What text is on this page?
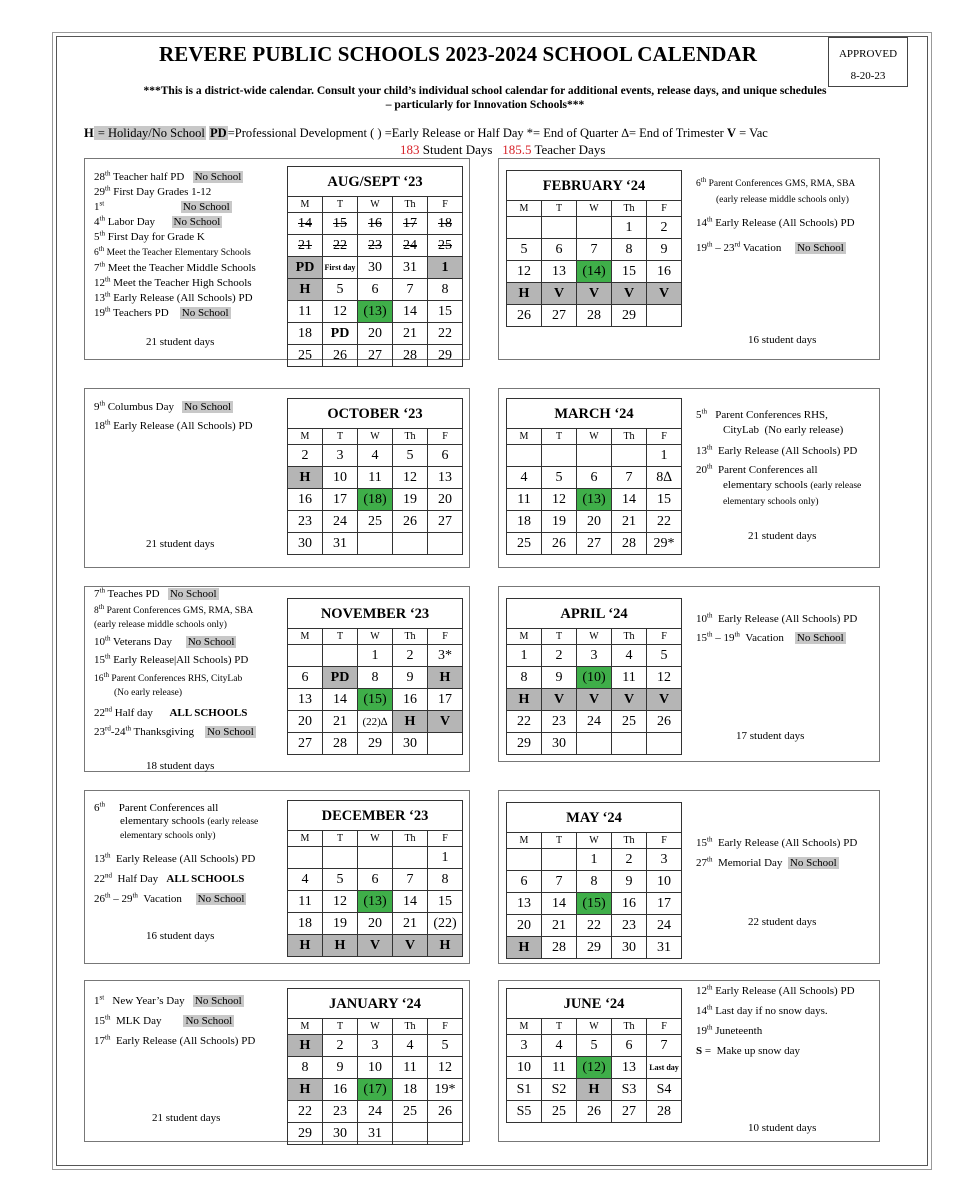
REVERE PUBLIC SCHOOLS 2023-2024 SCHOOL CALENDAR	APPROVED
8-20-23
***This is a district-wide calendar. Consult your child’s individual school calendar for additional events, release days, and unique schedules – particularly for Innovation Schools***
H = Holiday/No School PD=Professional Development ( ) =Early Release or Half Day *= End of Quarter ∆= End of Trimester V = Vac
183 Student Days 185.5 Teacher Days
28th Teacher half PD   No School
29th First Day Grades 1-12
1st	No School
4th Labor Day      No School
5th First Day for Grade K
6th Meet the Teacher Elementary Schools
7th Meet the Teacher Middle Schools
12th Meet the Teacher High Schools
13th Early Release (All Schools) PD
19th Teachers PD    No School
21 student days
AUG/SEPT ‘23				
M	T	W	Th	F
14	15	16	17	18
21	22	23	24	25
PD	First day	30	31	1
H	5	6	7	8
11	12	(13)	14	15
18	PD	20	21	22
25	26	27	28	29
FEBRUARY ‘24				
M	T	W	Th	F
			1	2
5	6	7	8	9
12	13	(14)	15	16
H	V	V	V	V
26	27	28	29	
6th Parent Conferences GMS, RMA, SBA
(early release middle schools only)
14th Early Release (All Schools) PD
19th – 23rd Vacation     No School
16 student days
9th Columbus Day   No School
18th Early Release (All Schools) PD
21 student days
OCTOBER ‘23				
M	T	W	Th	F
2	3	4	5	6
H	10	11	12	13
16	17	(18)	19	20
23	24	25	26	27
30	31			
MARCH ‘24				
M	T	W	Th	F
				1
4	5	6	7	8∆
11	12	(13)	14	15
18	19	20	21	22
25	26	27	28	29*
5th   Parent Conferences RHS,
CityLab  (No early release)
13th  Early Release (All Schools) PD
20th  Parent Conferences all
elementary schools (early release
elementary schools only)
21 student days
7th Teaches PD   No School
8th Parent Conferences GMS, RMA, SBA
(early release middle schools only)
10th Veterans Day     No School
15th Early Release|All Schools) PD
16th Parent Conferences RHS, CityLab
(No early release)
22nd Half day      ALL SCHOOLS
23rd-24th Thanksgiving    No School
18 student days
NOVEMBER ‘23				
M	T	W	Th	F
		1	2	3*
6	PD	8	9	H
13	14	(15)	16	17
20	21	(22)∆	H	V
27	28	29	30	
APRIL ‘24				
M	T	W	Th	F
1	2	3	4	5
8	9	(10)	11	12
H	V	V	V	V
22	23	24	25	26
29	30			
10th  Early Release (All Schools) PD
15th – 19th  Vacation    No School
17 student days
6th     Parent Conferences all
elementary schools (early release
elementary schools only)
13th  Early Release (All Schools) PD
22nd  Half Day   ALL SCHOOLS
26th – 29th  Vacation     No School
16 student days
DECEMBER ‘23				
M	T	W	Th	F
				1
4	5	6	7	8
11	12	(13)	14	15
18	19	20	21	(22)
H	H	V	V	H
MAY ‘24				
M	T	W	Th	F
		1	2	3
6	7	8	9	10
13	14	(15)	16	17
20	21	22	23	24
H	28	29	30	31
15th  Early Release (All Schools) PD
27th  Memorial Day  No School
22 student days
1st   New Year’s Day   No School
15th  MLK Day        No School
17th  Early Release (All Schools) PD
21 student days
JANUARY ‘24				
M	T	W	Th	F
H	2	3	4	5
8	9	10	11	12
H	16	(17)	18	19*
22	23	24	25	26
29	30	31		
JUNE ‘24				
M	T	W	Th	F
3	4	5	6	7
10	11	(12)	13	Last day
S1	S2	H	S3	S4
S5	25	26	27	28
12th Early Release (All Schools) PD
14th Last day if no snow days.
19th Juneteenth
S =  Make up snow day
10 student days
